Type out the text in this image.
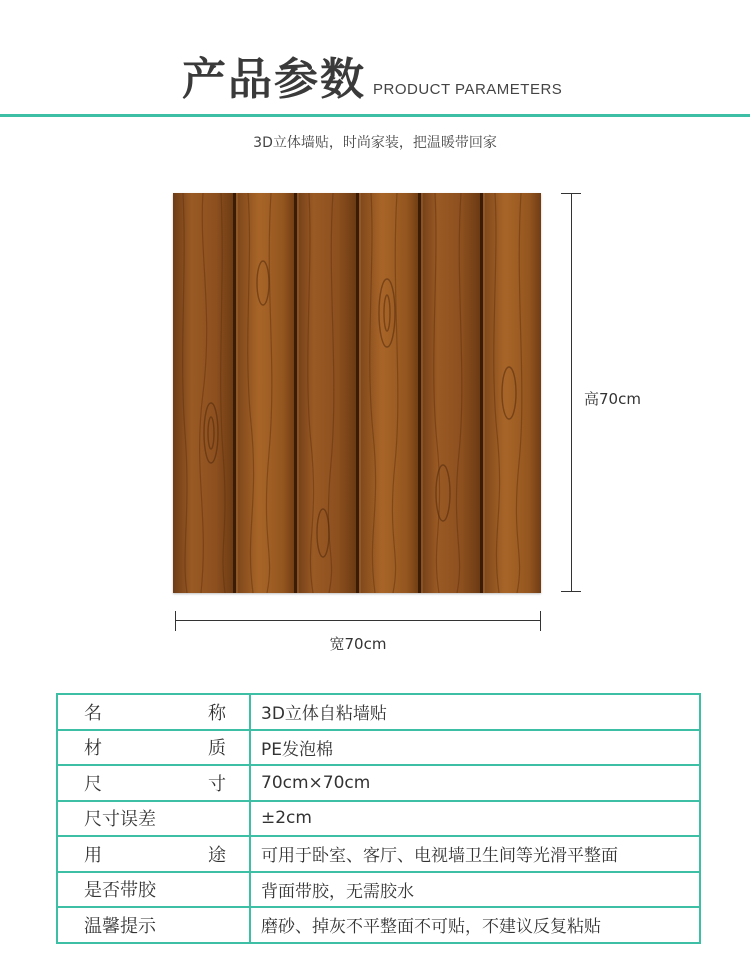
产品参数 PRODUCT PARAMETERS
3D立体墙贴，时尚家装，把温暖带回家
高70cm
宽70cm
名 称	3D立体自粘墙贴

材 质	PE发泡棉

尺 寸	70cm×70cm

尺寸误差	±2cm

用 途	可用于卧室、客厅、电视墙卫生间等光滑平整面

是否带胶	背面带胶，无需胶水

温馨提示	磨砂、掉灰不平整面不可贴，不建议反复粘贴
